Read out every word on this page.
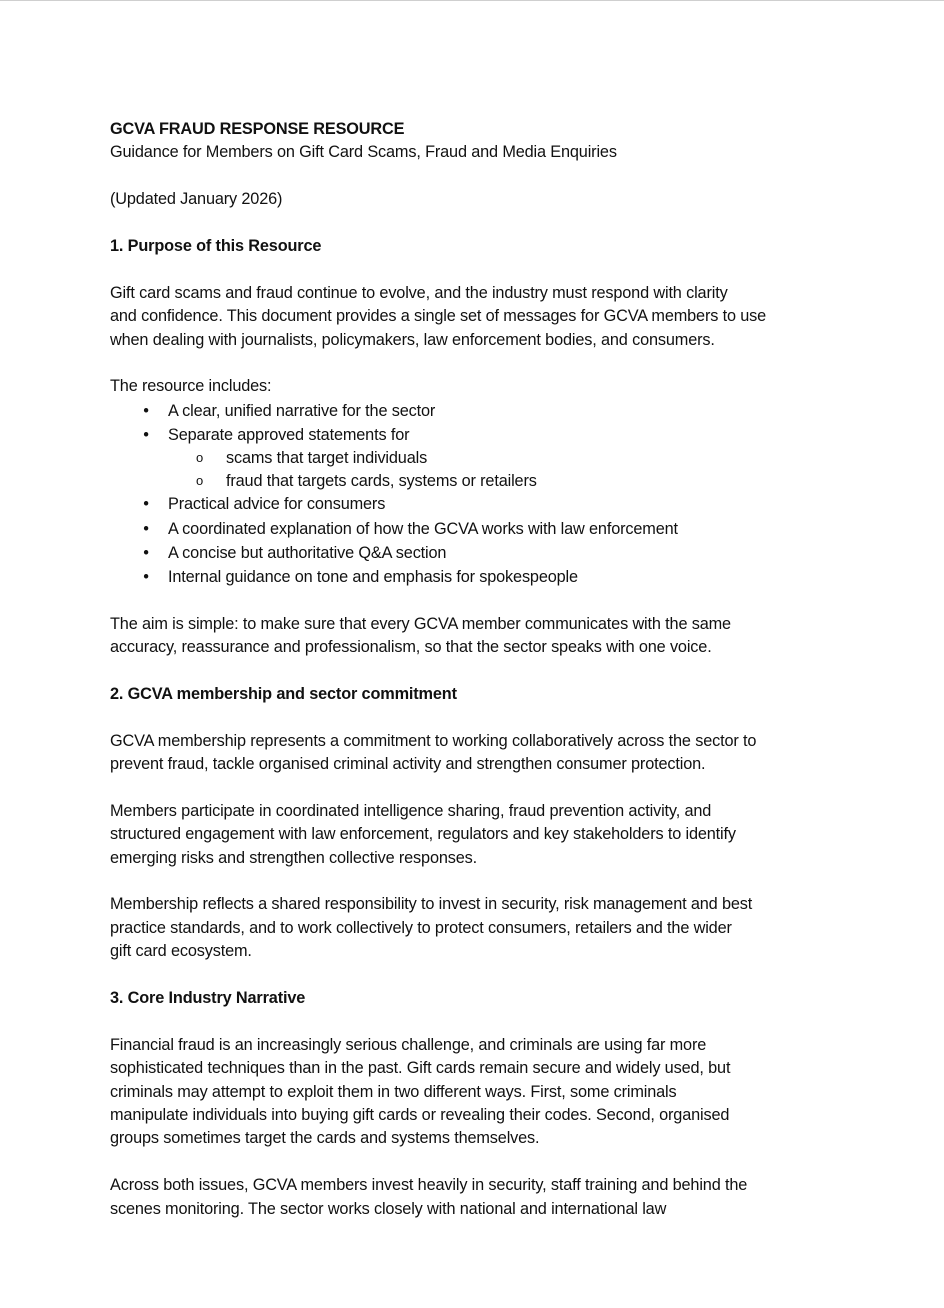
GCVA FRAUD RESPONSE RESOURCE
Guidance for Members on Gift Card Scams, Fraud and Media Enquiries
(Updated January 2026)
1. Purpose of this Resource

Gift card scams and fraud continue to evolve, and the industry must respond with clarity
and confidence. This document provides a single set of messages for GCVA members to use
when dealing with journalists, policymakers, law enforcement bodies, and consumers.

The resource includes:
• A clear, unified narrative for the sector
• Separate approved statements for
o scams that target individuals
o fraud that targets cards, systems or retailers
• Practical advice for consumers
• A coordinated explanation of how the GCVA works with law enforcement
• A concise but authoritative Q&A section
• Internal guidance on tone and emphasis for spokespeople

The aim is simple: to make sure that every GCVA member communicates with the same
accuracy, reassurance and professionalism, so that the sector speaks with one voice.

2. GCVA membership and sector commitment

GCVA membership represents a commitment to working collaboratively across the sector to
prevent fraud, tackle organised criminal activity and strengthen consumer protection.

Members participate in coordinated intelligence sharing, fraud prevention activity, and
structured engagement with law enforcement, regulators and key stakeholders to identify
emerging risks and strengthen collective responses.

Membership reflects a shared responsibility to invest in security, risk management and best
practice standards, and to work collectively to protect consumers, retailers and the wider
gift card ecosystem.

3. Core Industry Narrative

Financial fraud is an increasingly serious challenge, and criminals are using far more
sophisticated techniques than in the past. Gift cards remain secure and widely used, but
criminals may attempt to exploit them in two different ways. First, some criminals
manipulate individuals into buying gift cards or revealing their codes. Second, organised
groups sometimes target the cards and systems themselves.

Across both issues, GCVA members invest heavily in security, staff training and behind the
scenes monitoring. The sector works closely with national and international law
